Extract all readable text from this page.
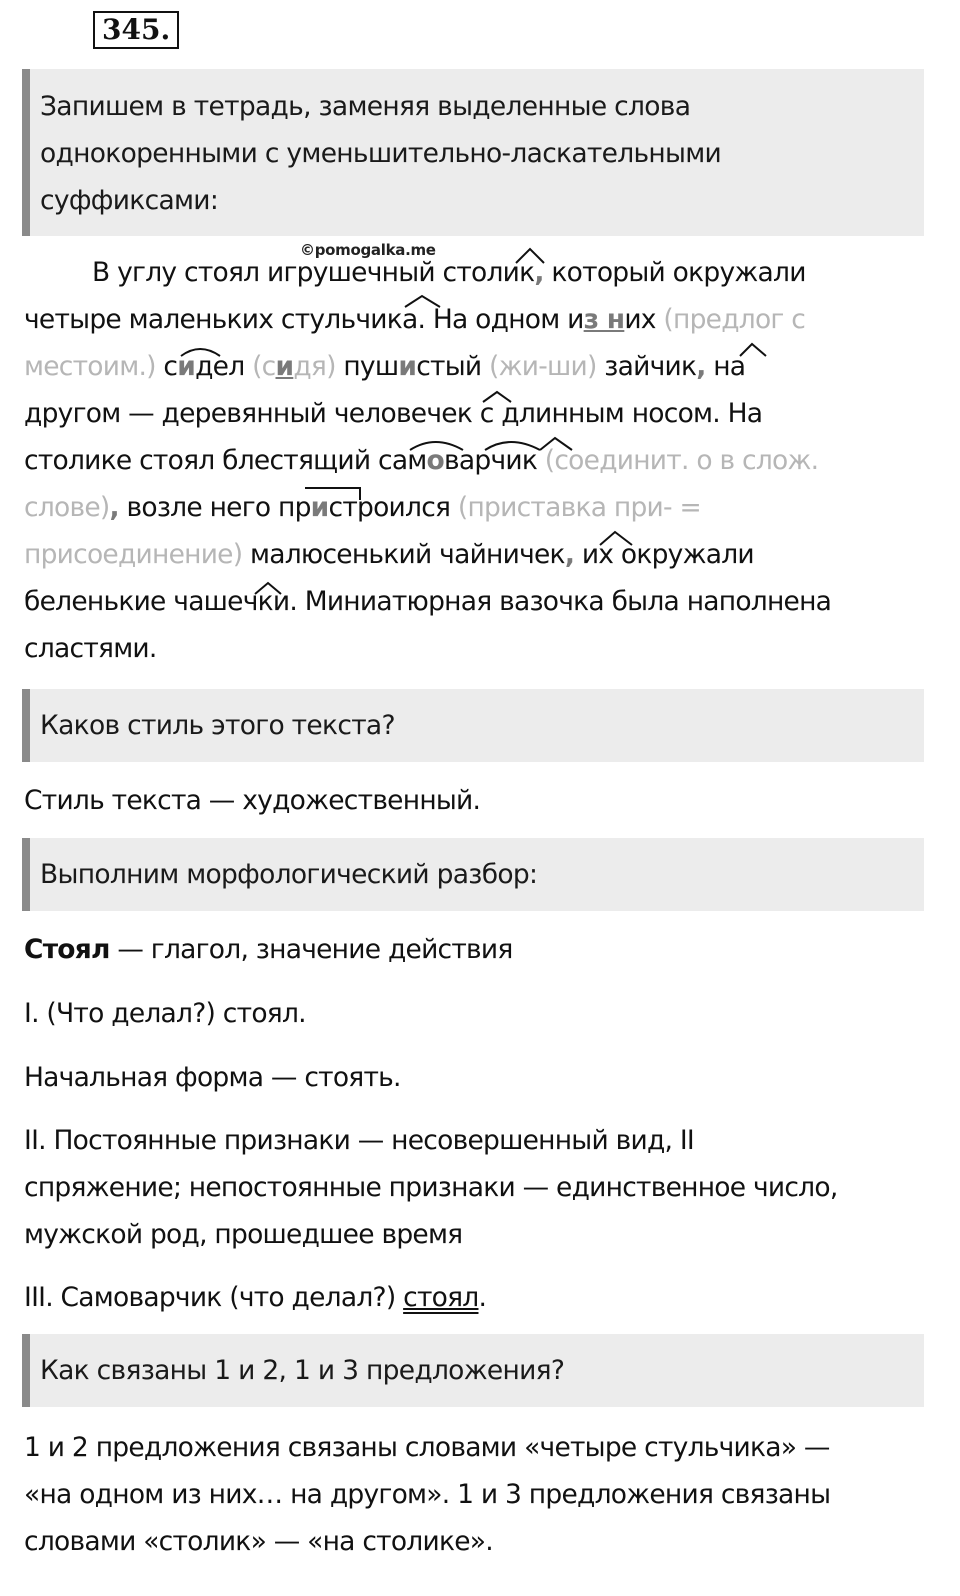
345.
Запишем в тетрадь, заменяя выделенные слова
однокоренными с уменьшительно-ласкательными
суффиксами:
©pomogalka.me
В углу стоял игрушечный столик, который окружали
четыре маленьких стульчика. На одном из них (предлог с
местоим.) сидел (сидя) пушистый (жи-ши) зайчик, на
другом — деревянный человечек с длинным носом. На
столике стоял блестящий самоварчик (соединит. о в слож.
слове), возле него пристроился (приставка при- =
присоединение) малюсенький чайничек, их окружали
беленькие чашечки. Миниатюрная вазочка была наполнена
сластями.
Каков стиль этого текста?
Стиль текста — художественный.
Выполним морфологический разбор:
Стоял — глагол, значение действия
I. (Что делал?) стоял.
Начальная форма — стоять.
II. Постоянные признаки — несовершенный вид, II
спряжение; непостоянные признаки — единственное число,
мужской род, прошедшее время
III. Самоварчик (что делал?) стоял.
Как связаны 1 и 2, 1 и 3 предложения?
1 и 2 предложения связаны словами «четыре стульчика» —
«на одном из них… на другом». 1 и 3 предложения связаны
словами «столик» — «на столике».
